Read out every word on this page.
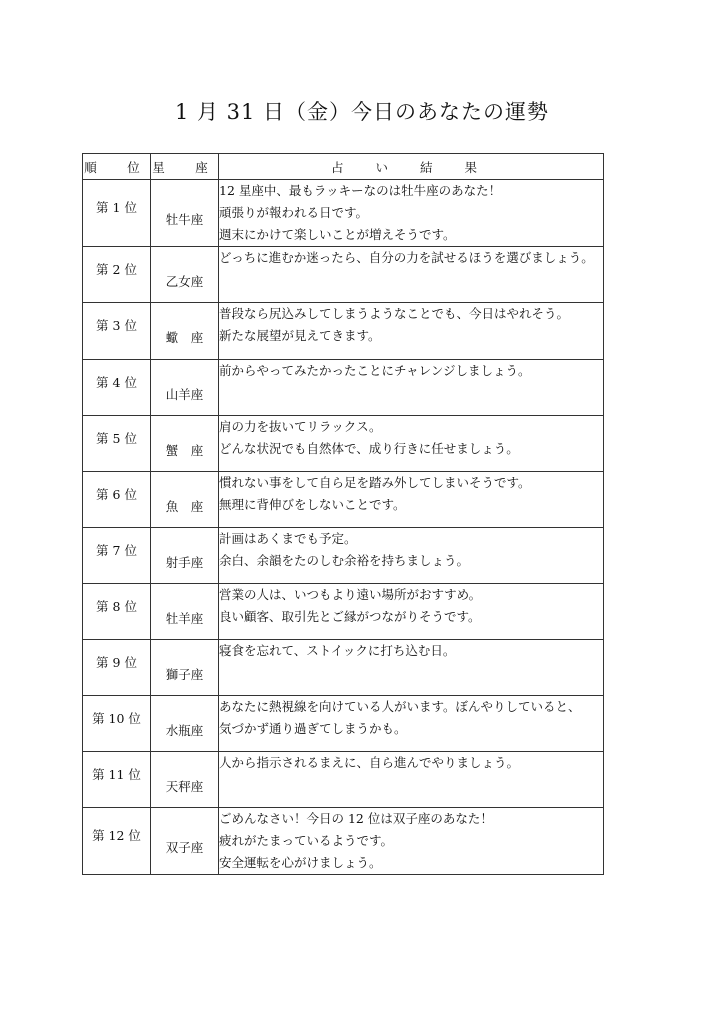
1 月 31 日（金）今日のあなたの運勢
順　位	星　座	占 い 結 果
第 1 位	牡牛座	12 星座中、最もラッキーなのは牡牛座のあなた！
頑張りが報われる日です。
週末にかけて楽しいことが増えそうです。

第 2 位	乙女座	どっちに進むか迷ったら、自分の力を試せるほうを選びましょう。

第 3 位	蠍　座	普段なら尻込みしてしまうようなことでも、今日はやれそう。
新たな展望が見えてきます。

第 4 位	山羊座	前からやってみたかったことにチャレンジしましょう。

第 5 位	蟹　座	肩の力を抜いてリラックス。
どんな状況でも自然体で、成り行きに任せましょう。

第 6 位	魚　座	慣れない事をして自ら足を踏み外してしまいそうです。
無理に背伸びをしないことです。

第 7 位	射手座	計画はあくまでも予定。
余白、余韻をたのしむ余裕を持ちましょう。

第 8 位	牡羊座	営業の人は、いつもより遠い場所がおすすめ。
良い顧客、取引先とご縁がつながりそうです。

第 9 位	獅子座	寝食を忘れて、ストイックに打ち込む日。

第 10 位	水瓶座	あなたに熱視線を向けている人がいます。ぼんやりしていると、
気づかず通り過ぎてしまうかも。

第 11 位	天秤座	人から指示されるまえに、自ら進んでやりましょう。

第 12 位	双子座	ごめんなさい！今日の 12 位は双子座のあなた！
疲れがたまっているようです。
安全運転を心がけましょう。
